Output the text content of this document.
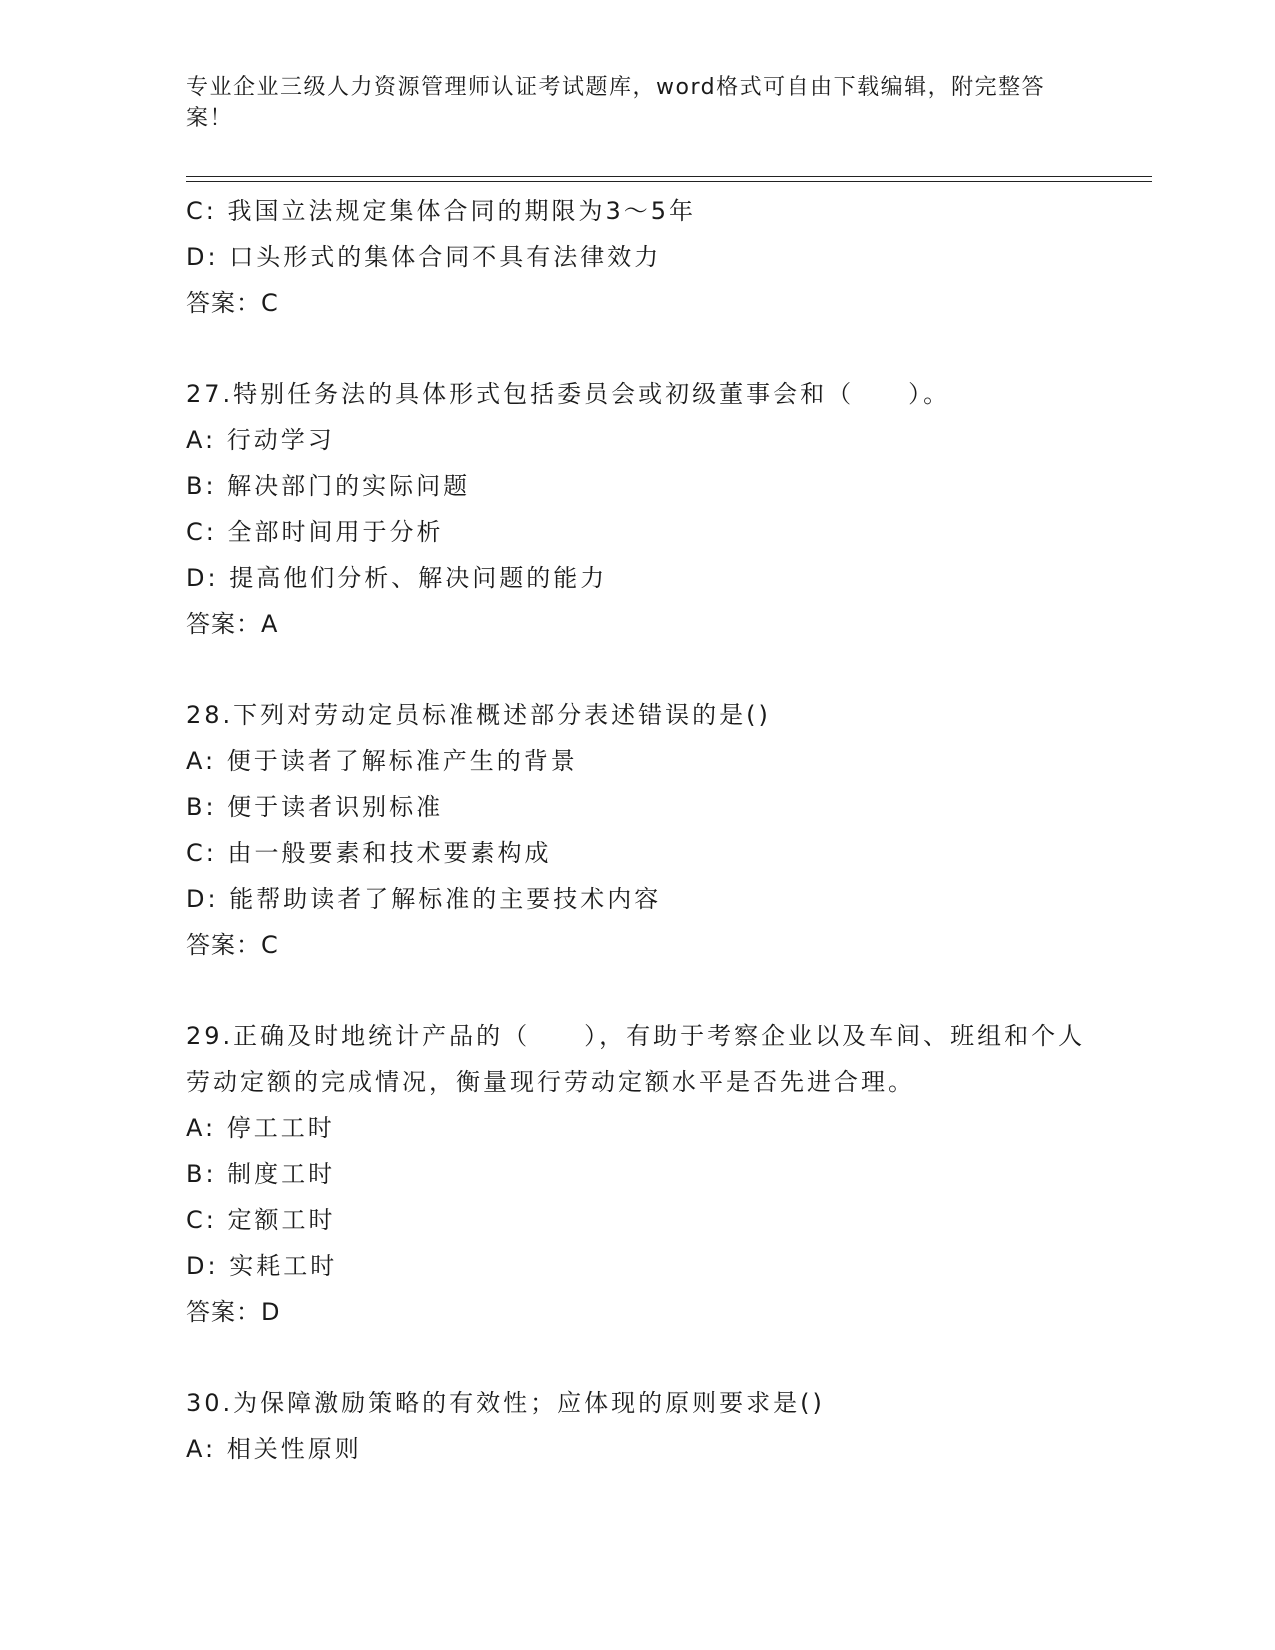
专业企业三级人力资源管理师认证考试题库，word格式可自由下载编辑，附完整答案！
C: 我国立法规定集体合同的期限为3～5年
D: 口头形式的集体合同不具有法律效力
答案：C
27.特别任务法的具体形式包括委员会或初级董事会和（　　）。
A: 行动学习
B: 解决部门的实际问题
C: 全部时间用于分析
D: 提高他们分析、解决问题的能力
答案：A
28.下列对劳动定员标准概述部分表述错误的是()
A: 便于读者了解标准产生的背景
B: 便于读者识别标准
C: 由一般要素和技术要素构成
D: 能帮助读者了解标准的主要技术内容
答案：C
29.正确及时地统计产品的（　　），有助于考察企业以及车间、班组和个人劳动定额的完成情况，衡量现行劳动定额水平是否先进合理。
A: 停工工时
B: 制度工时
C: 定额工时
D: 实耗工时
答案：D
30.为保障激励策略的有效性；应体现的原则要求是()
A: 相关性原则
